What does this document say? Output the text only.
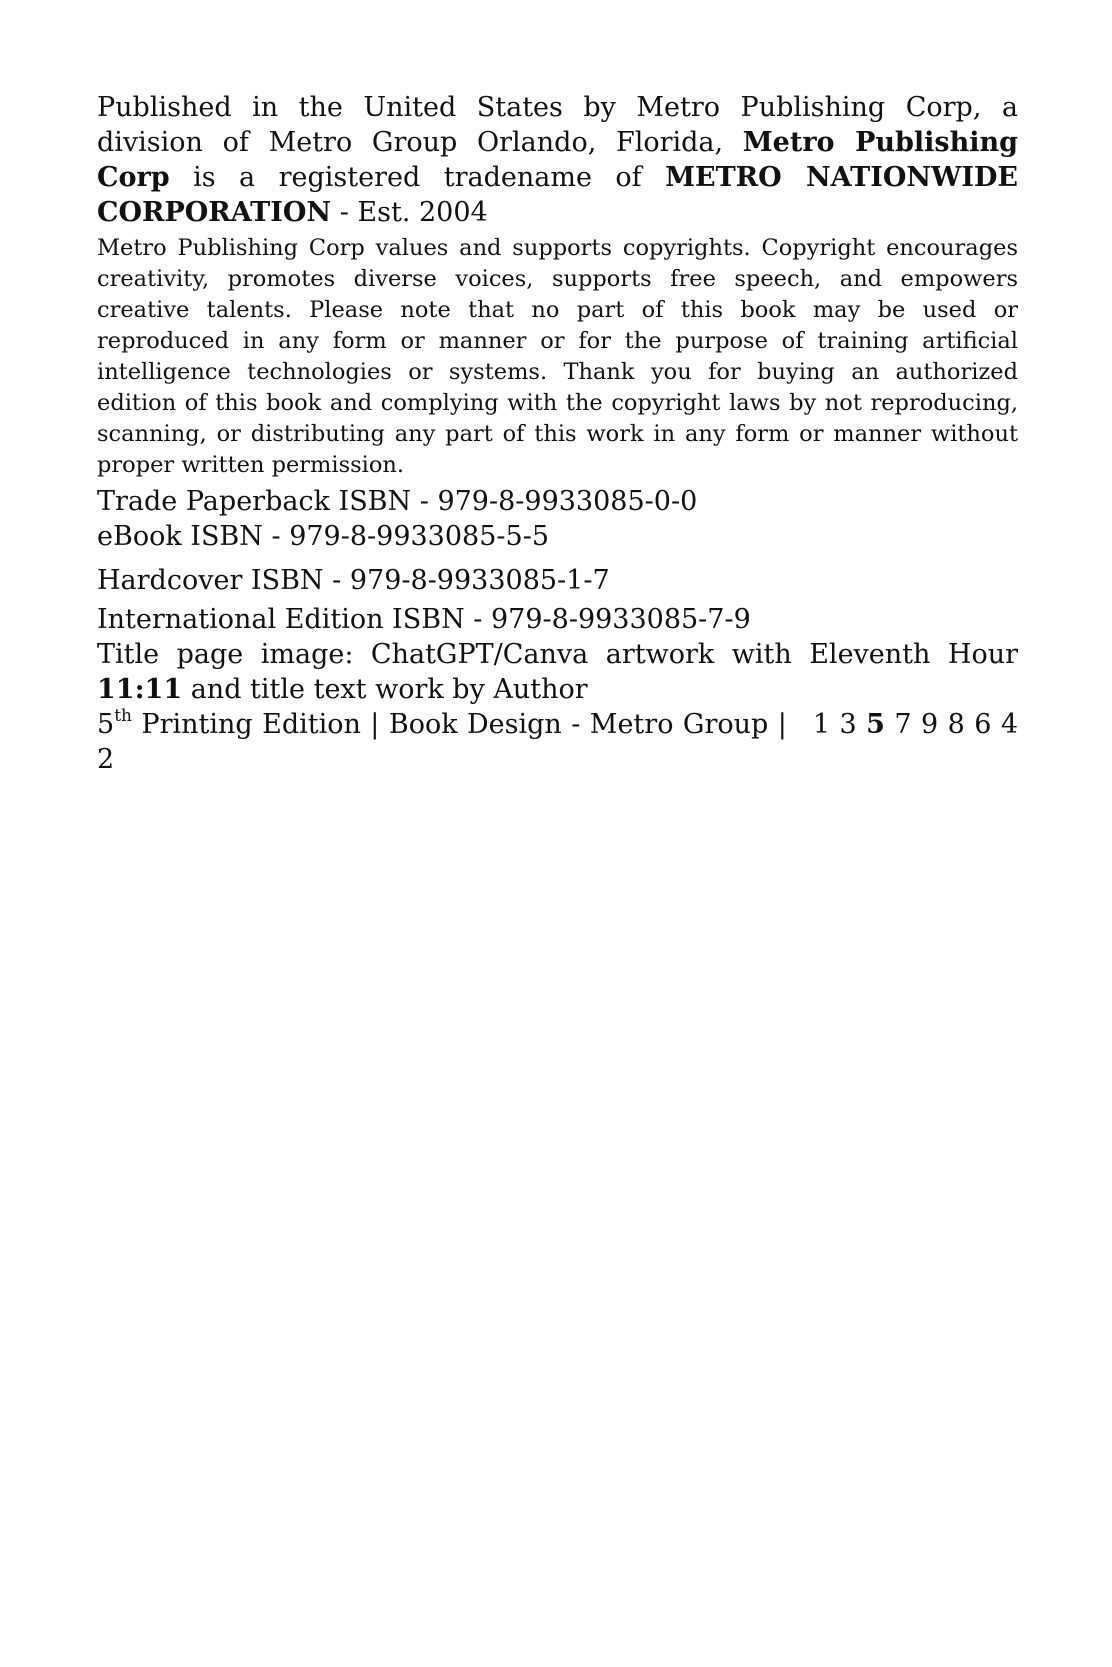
Published in the United States by Metro Publishing Corp, a division of Metro Group Orlando, Florida, Metro Publishing Corp is a registered tradename of METRO NATIONWIDE CORPORATION - Est. 2004

Metro Publishing Corp values and supports copyrights. Copyright encourages creativity, promotes diverse voices, supports free speech, and empowers creative talents. Please note that no part of this book may be used or reproduced in any form or manner or for the purpose of training artificial intelligence technologies or systems. Thank you for buying an authorized edition of this book and complying with the copyright laws by not reproducing, scanning, or distributing any part of this work in any form or manner without proper written permission.

Trade Paperback ISBN - 979-8-9933085-0-0

eBook ISBN - 979-8-9933085-5-5

Hardcover ISBN - 979-8-9933085-1-7

International Edition ISBN - 979-8-9933085-7-9

Title page image: ChatGPT/Canva artwork with Eleventh Hour 11:11 and title text work by Author

5th Printing Edition | Book Design - Metro Group | 1 3 5 7 9 8 6 4 2
